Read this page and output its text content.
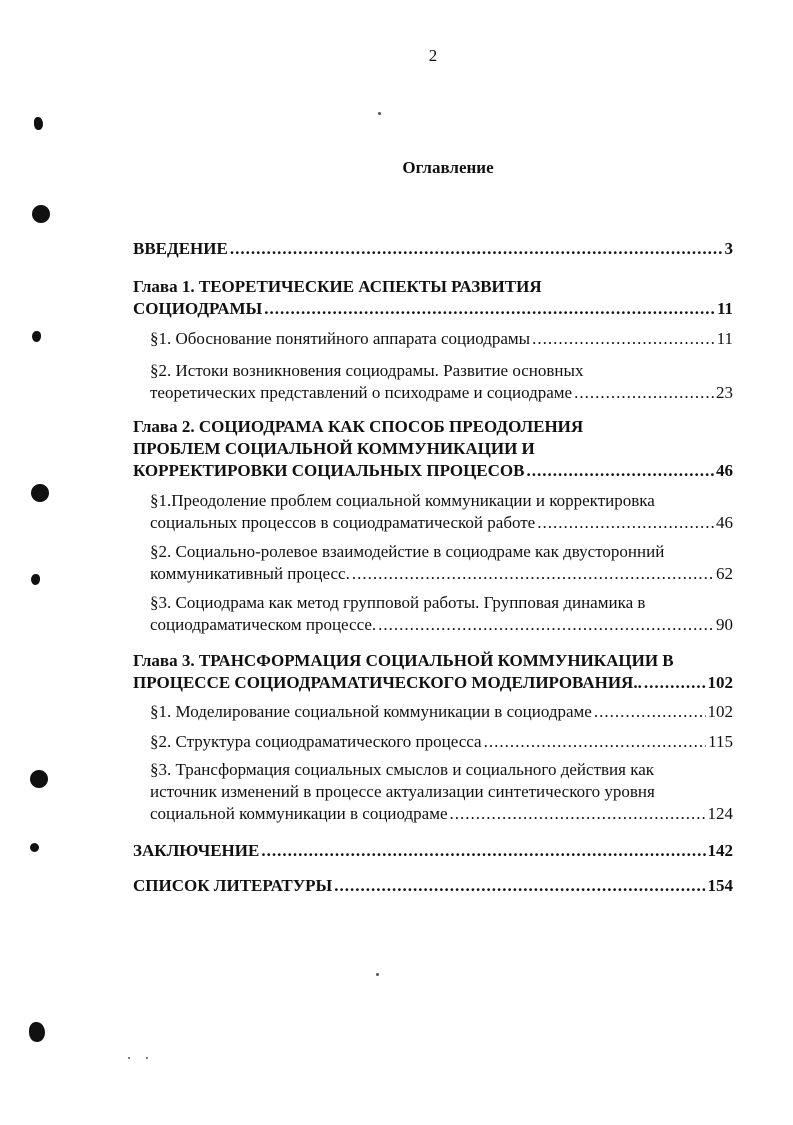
2
Оглавление
ВВЕДЕНИЕ .....	3
Глава 1. ТЕОРЕТИЧЕСКИЕ АСПЕКТЫ РАЗВИТИЯ
СОЦИОДРАМЫ .....	11
§1. Обоснование понятийного аппарата социодрамы .....	11
§2. Истоки возникновения социодрамы. Развитие основных
теоретических представлений о психодраме и социодраме .....	23
Глава 2. СОЦИОДРАМА КАК СПОСОБ ПРЕОДОЛЕНИЯ
ПРОБЛЕМ СОЦИАЛЬНОЙ КОММУНИКАЦИИ И
КОРРЕКТИРОВКИ СОЦИАЛЬНЫХ ПРОЦЕСОВ .....	46
§1.Преодоление проблем социальной коммуникации и корректировка
социальных процессов в социодраматической работе .....	46
§2. Социально-ролевое взаимодейстие в социодраме как двусторонний
коммуникативный процесс. .....	62
§3. Социодрама как метод групповой работы. Групповая динамика в
социодраматическом процессе. .....	90
Глава 3. ТРАНСФОРМАЦИЯ СОЦИАЛЬНОЙ КОММУНИКАЦИИ В
ПРОЦЕССЕ СОЦИОДРАМАТИЧЕСКОГО МОДЕЛИРОВАНИЯ.. .....	102
§1. Моделирование социальной коммуникации в социодраме .....	102
§2. Структура социодраматического процесса .....	115
§3. Трансформация социальных смыслов и социального действия как
источник изменений в процессе актуализации синтетического уровня
социальной коммуникации в социодраме .....	124
ЗАКЛЮЧЕНИЕ .....	142
СПИСОК ЛИТЕРАТУРЫ .....	154
